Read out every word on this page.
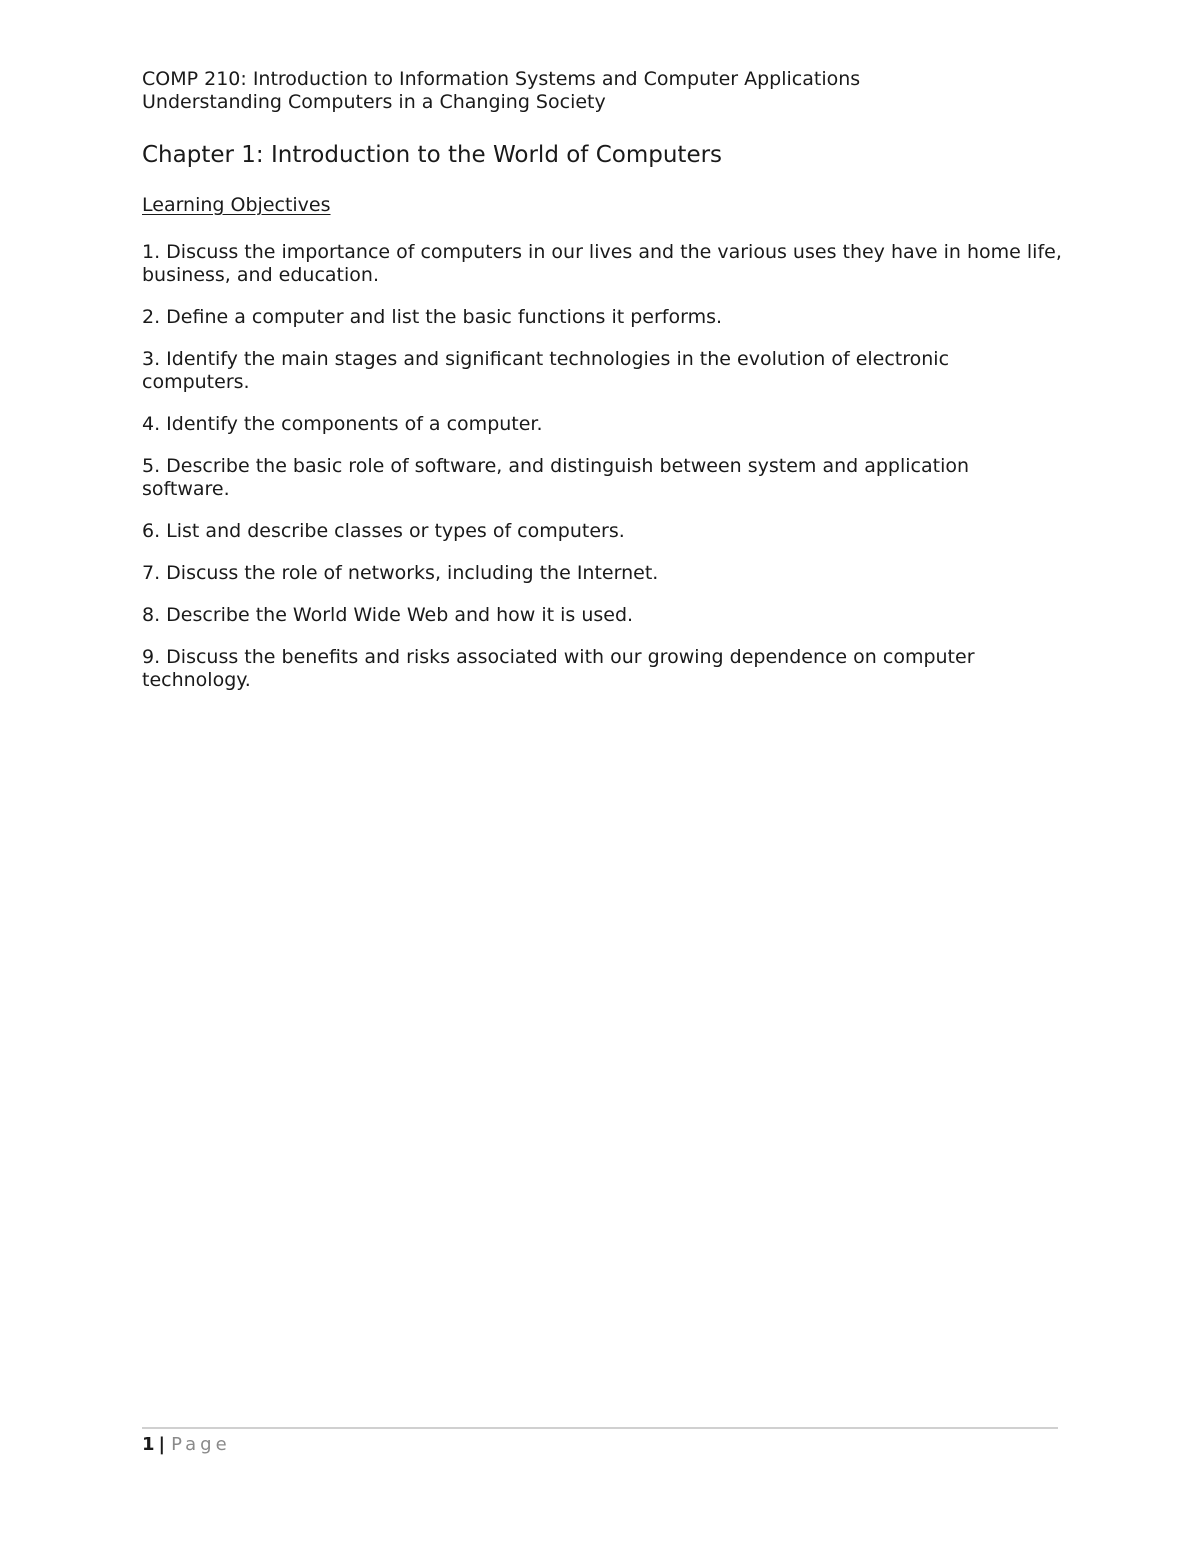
COMP 210: Introduction to Information Systems and Computer Applications
Understanding Computers in a Changing Society
Chapter 1: Introduction to the World of Computers
Learning Objectives
1. Discuss the importance of computers in our lives and the various uses they have in home life, business, and education.
2. Define a computer and list the basic functions it performs.
3. Identify the main stages and significant technologies in the evolution of electronic computers.
4. Identify the components of a computer.
5. Describe the basic role of software, and distinguish between system and application software.
6. List and describe classes or types of computers.
7. Discuss the role of networks, including the Internet.
8. Describe the World Wide Web and how it is used.
9. Discuss the benefits and risks associated with our growing dependence on computer technology.
1 | Page
